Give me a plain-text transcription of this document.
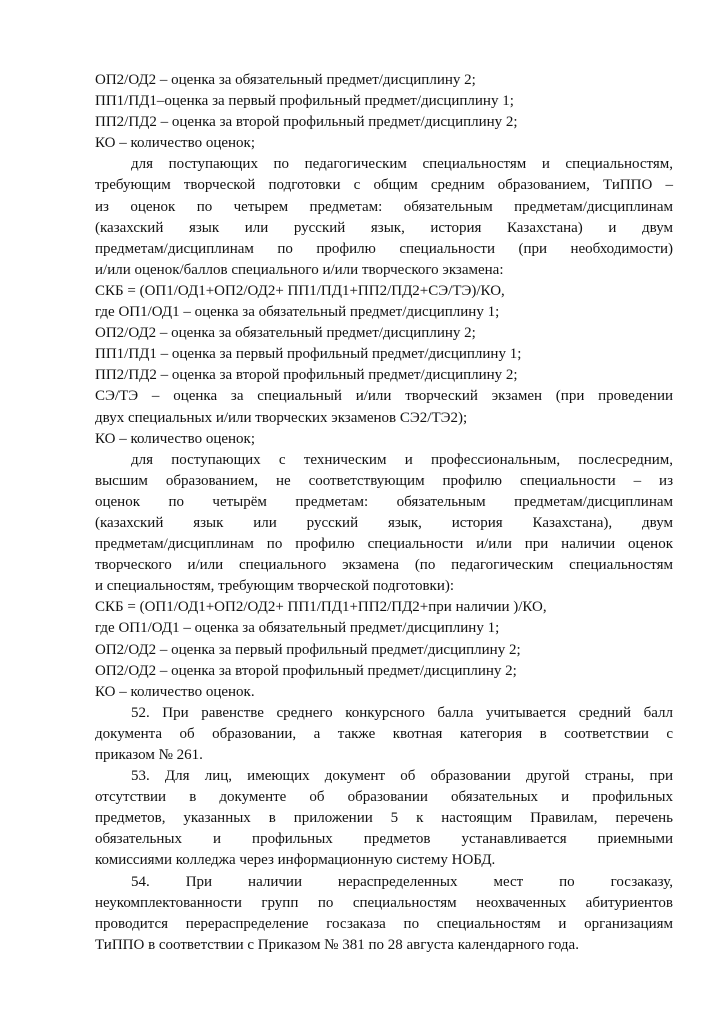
ОП2/ОД2 – оценка за обязательный предмет/дисциплину 2;
ПП1/ПД1–оценка за первый профильный предмет/дисциплину 1;
ПП2/ПД2 – оценка за второй профильный предмет/дисциплину 2;
КО – количество оценок;
для поступающих по педагогическим специальностям и специальностям,
требующим творческой подготовки с общим средним образованием, ТиППО –
из оценок по четырем предметам: обязательным предметам/дисциплинам
(казахский язык или русский язык, история Казахстана) и двум
предметам/дисциплинам по профилю специальности (при необходимости)
и/или оценок/баллов специального и/или творческого экзамена:
СКБ = (ОП1/ОД1+ОП2/ОД2+ ПП1/ПД1+ПП2/ПД2+СЭ/ТЭ)/КО,
где ОП1/ОД1 – оценка за обязательный предмет/дисциплину 1;
ОП2/ОД2 – оценка за обязательный предмет/дисциплину 2;
ПП1/ПД1 – оценка за первый профильный предмет/дисциплину 1;
ПП2/ПД2 – оценка за второй профильный предмет/дисциплину 2;
СЭ/ТЭ – оценка за специальный и/или творческий экзамен (при проведении
двух специальных и/или творческих экзаменов СЭ2/ТЭ2);
КО – количество оценок;
для поступающих с техническим и профессиональным, послесредним,
высшим образованием, не соответствующим профилю специальности – из
оценок по четырём предметам: обязательным предметам/дисциплинам
(казахский язык или русский язык, история Казахстана), двум
предметам/дисциплинам по профилю специальности и/или при наличии оценок
творческого и/или специального экзамена (по педагогическим специальностям
и специальностям, требующим творческой подготовки):
СКБ = (ОП1/ОД1+ОП2/ОД2+ ПП1/ПД1+ПП2/ПД2+при наличии )/КО,
где ОП1/ОД1 – оценка за обязательный предмет/дисциплину 1;
ОП2/ОД2 – оценка за первый профильный предмет/дисциплину 2;
ОП2/ОД2 – оценка за второй профильный предмет/дисциплину 2;
КО – количество оценок.
52. При равенстве среднего конкурсного балла учитывается средний балл
документа об образовании, а также квотная категория в соответствии с
приказом № 261.
53. Для лиц, имеющих документ об образовании другой страны, при
отсутствии в документе об образовании обязательных и профильных
предметов, указанных в приложении 5 к настоящим Правилам, перечень
обязательных и профильных предметов устанавливается приемными
комиссиями колледжа через информационную систему НОБД.
54. При наличии нераспределенных мест по госзаказу,
неукомплектованности групп по специальностям неохваченных абитуриентов
проводится перераспределение госзаказа по специальностям и организациям
ТиППО в соответствии с Приказом № 381 по 28 августа календарного года.
